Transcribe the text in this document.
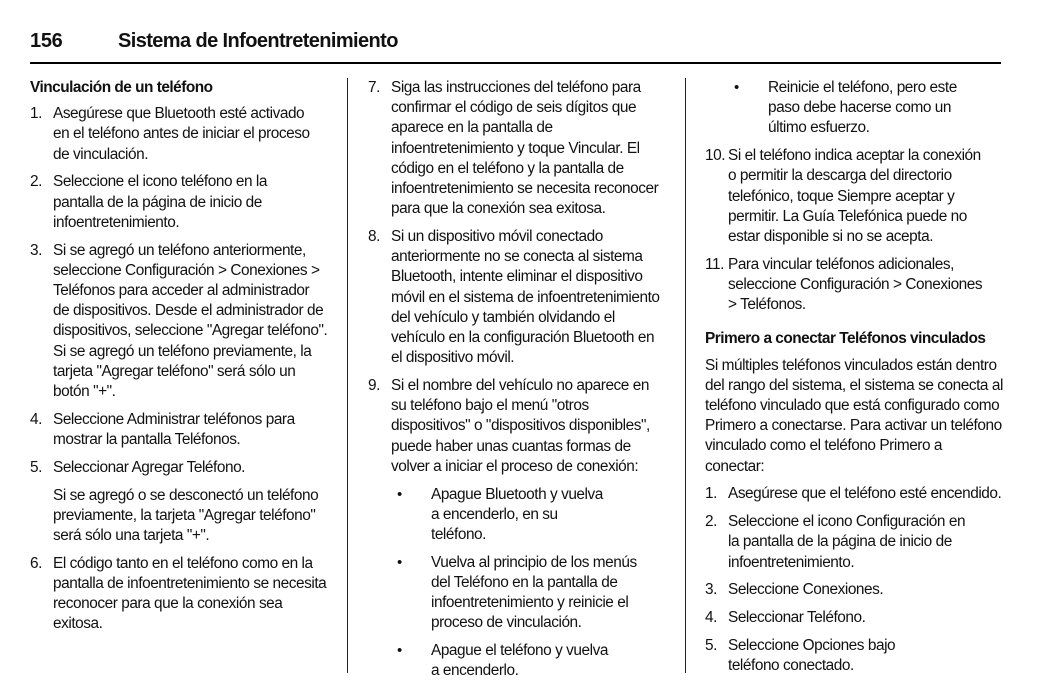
156	Sistema de Infoentretenimiento
Vinculación de un teléfono
1. Asegúrese que Bluetooth esté activado en el teléfono antes de iniciar el proceso de vinculación.
2. Seleccione el icono teléfono en la pantalla de la página de inicio de infoentretenimiento.
3. Si se agregó un teléfono anteriormente, seleccione Configuración > Conexiones > Teléfonos para acceder al administrador de dispositivos. Desde el administrador de dispositivos, seleccione "Agregar teléfono". Si se agregó un teléfono previamente, la tarjeta "Agregar teléfono" será sólo un botón "+".
4. Seleccione Administrar teléfonos para mostrar la pantalla Teléfonos.
5. Seleccionar Agregar Teléfono.
Si se agregó o se desconectó un teléfono previamente, la tarjeta "Agregar teléfono" será sólo una tarjeta "+".
6. El código tanto en el teléfono como en la pantalla de infoentretenimiento se necesita reconocer para que la conexión sea exitosa.
7. Siga las instrucciones del teléfono para confirmar el código de seis dígitos que aparece en la pantalla de infoentretenimiento y toque Vincular. El código en el teléfono y la pantalla de infoentretenimiento se necesita reconocer para que la conexión sea exitosa.
8. Si un dispositivo móvil conectado anteriormente no se conecta al sistema Bluetooth, intente eliminar el dispositivo móvil en el sistema de infoentretenimiento del vehículo y también olvidando el vehículo en la configuración Bluetooth en el dispositivo móvil.
9. Si el nombre del vehículo no aparece en su teléfono bajo el menú "otros dispositivos" o "dispositivos disponibles", puede haber unas cuantas formas de volver a iniciar el proceso de conexión:
• Apague Bluetooth y vuelva a encenderlo, en su teléfono.
• Vuelva al principio de los menús del Teléfono en la pantalla de infoentretenimiento y reinicie el proceso de vinculación.
• Apague el teléfono y vuelva a encenderlo.
• Reinicie el teléfono, pero este paso debe hacerse como un último esfuerzo.
10. Si el teléfono indica aceptar la conexión o permitir la descarga del directorio telefónico, toque Siempre aceptar y permitir. La Guía Telefónica puede no estar disponible si no se acepta.
11. Para vincular teléfonos adicionales, seleccione Configuración > Conexiones > Teléfonos.
Primero a conectar Teléfonos vinculados
Si múltiples teléfonos vinculados están dentro del rango del sistema, el sistema se conecta al teléfono vinculado que está configurado como Primero a conectarse. Para activar un teléfono vinculado como el teléfono Primero a conectar:
1. Asegúrese que el teléfono esté encendido.
2. Seleccione el icono Configuración en la pantalla de la página de inicio de infoentretenimiento.
3. Seleccione Conexiones.
4. Seleccionar Teléfono.
5. Seleccione Opciones bajo teléfono conectado.
